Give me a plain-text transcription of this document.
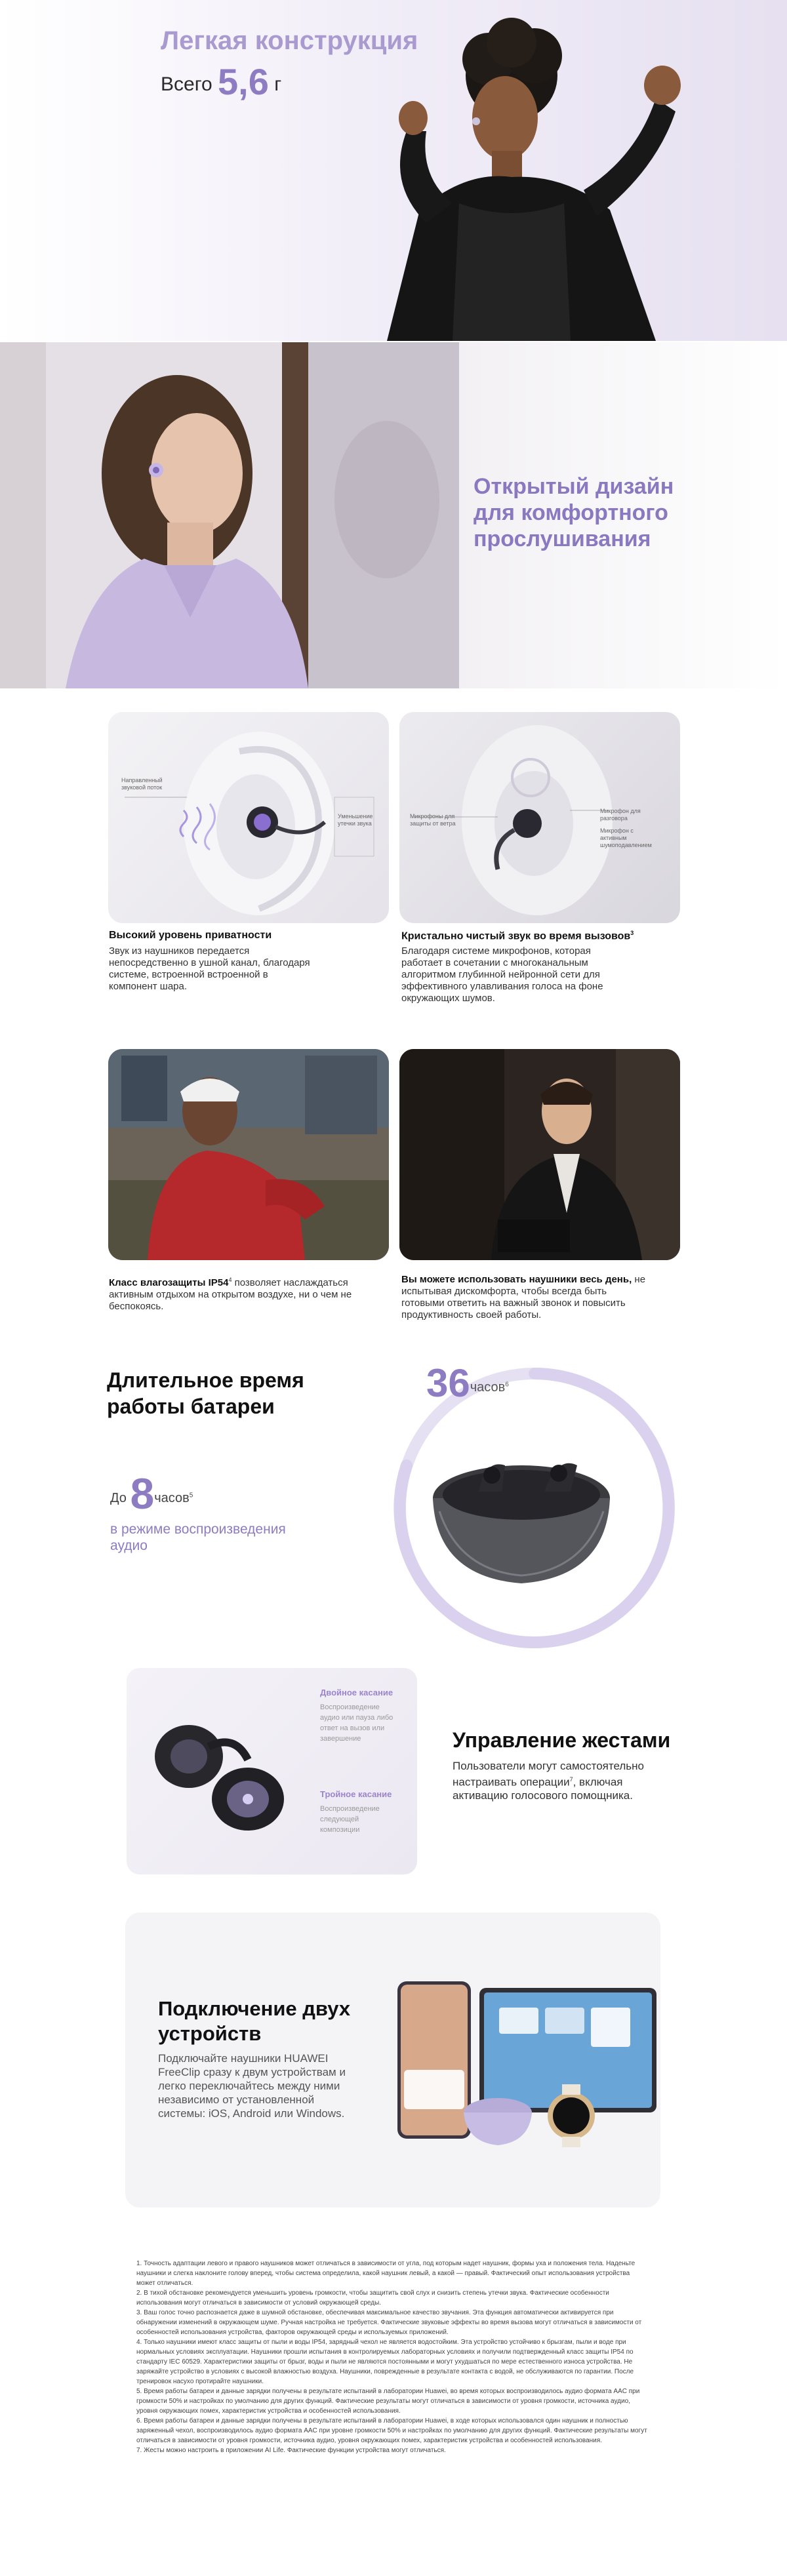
Легкая конструкция
Всего 5,6 г
Открытый дизайн для комфортного прослушивания
Направленный звуковой поток
Уменьшение утечки звука
Высокий уровень приватности
Звук из наушников передается непосредственно в ушной канал, благодаря системе, встроенной встроенной в компонент шара.
Микрофоны для защиты от ветра
Микрофон для разговора
Микрофон с активным шумоподавлением
Кристально чистый звук во время вызовов$^3$
Благодаря системе микрофонов, которая работает в сочетании с многоканальным алгоритмом глубинной нейронной сети для эффективного улавливания голоса на фоне окружающих шумов.
Класс влагозащиты $IP54^4$ позволяет наслаждаться активным отдыхом на открытом воздухе, ни о чем не беспокоясь.
Вы можете использовать наушники весь день, не испытывая дискомфорта, чтобы всегда быть готовыми ответить на важный звонок и повысить продуктивность своей работы.
Длительное время работы батареи
До 8часов$^5$
в режиме воспроизведения аудио
36часов$^6$
Двойное касание
Воспроизведение аудио или пауза либо ответ на вызов или завершение
Тройное касание
Воспроизведение следующей композиции
Управление жестами
Пользователи могут самостоятельно настраивать операции$^7$, включая активацию голосового помощника.
Подключение двух устройств
Подключайте наушники HUAWEI FreeClip сразу к двум устройствам и легко переключайтесь между ними независимо от установленной системы: iOS, Android или Windows.

1. Точность адаптации левого и правого наушников может отличаться в зависимости от угла, под которым надет наушник, формы уха и положения тела. Наденьте наушники и слегка наклоните голову вперед, чтобы система определила, какой наушник левый, а какой — правый. Фактический опыт использования устройства может отличаться.

2. В тихой обстановке рекомендуется уменьшить уровень громкости, чтобы защитить свой слух и снизить степень утечки звука. Фактические особенности использования могут отличаться в зависимости от условий окружающей среды.

3. Ваш голос точно распознается даже в шумной обстановке, обеспечивая максимальное качество звучания. Эта функция автоматически активируется при обнаружении изменений в окружающем шуме. Ручная настройка не требуется. Фактические звуковые эффекты во время вызова могут отличаться в зависимости от особенностей использования устройства, факторов окружающей среды и используемых приложений.

4. Только наушники имеют класс защиты от пыли и воды IP54, зарядный чехол не является водостойким. Эта устройство устойчиво к брызгам, пыли и воде при нормальных условиях эксплуатации. Наушники прошли испытания в контролируемых лабораторных условиях и получили подтвержденный класс защиты IP54 по стандарту IEC 60529. Характеристики защиты от брызг, воды и пыли не являются постоянными и могут ухудшаться по мере естественного износа устройства. Не заряжайте устройство в условиях с высокой влажностью воздуха. Наушники, поврежденные в результате контакта с водой, не обслуживаются по гарантии. После тренировок насухо протирайте наушники.

5. Время работы батареи и данные зарядки получены в результате испытаний в лаборатории Huawei, во время которых воспроизводилось аудио формата AAC при громкости 50% и настройках по умолчанию для других функций. Фактические результаты могут отличаться в зависимости от уровня громкости, источника аудио, уровня окружающих помех, характеристик устройства и особенностей использования.

6. Время работы батареи и данные зарядки получены в результате испытаний в лаборатории Huawei, в ходе которых использовался один наушник и полностью заряженный чехол, воспроизводилось аудио формата AAC при уровне громкости 50% и настройках по умолчанию для других функций. Фактические результаты могут отличаться в зависимости от уровня громкости, источника аудио, уровня окружающих помех, характеристик устройства и особенностей использования.

7. Жесты можно настроить в приложении AI Life. Фактические функции устройства могут отличаться.
